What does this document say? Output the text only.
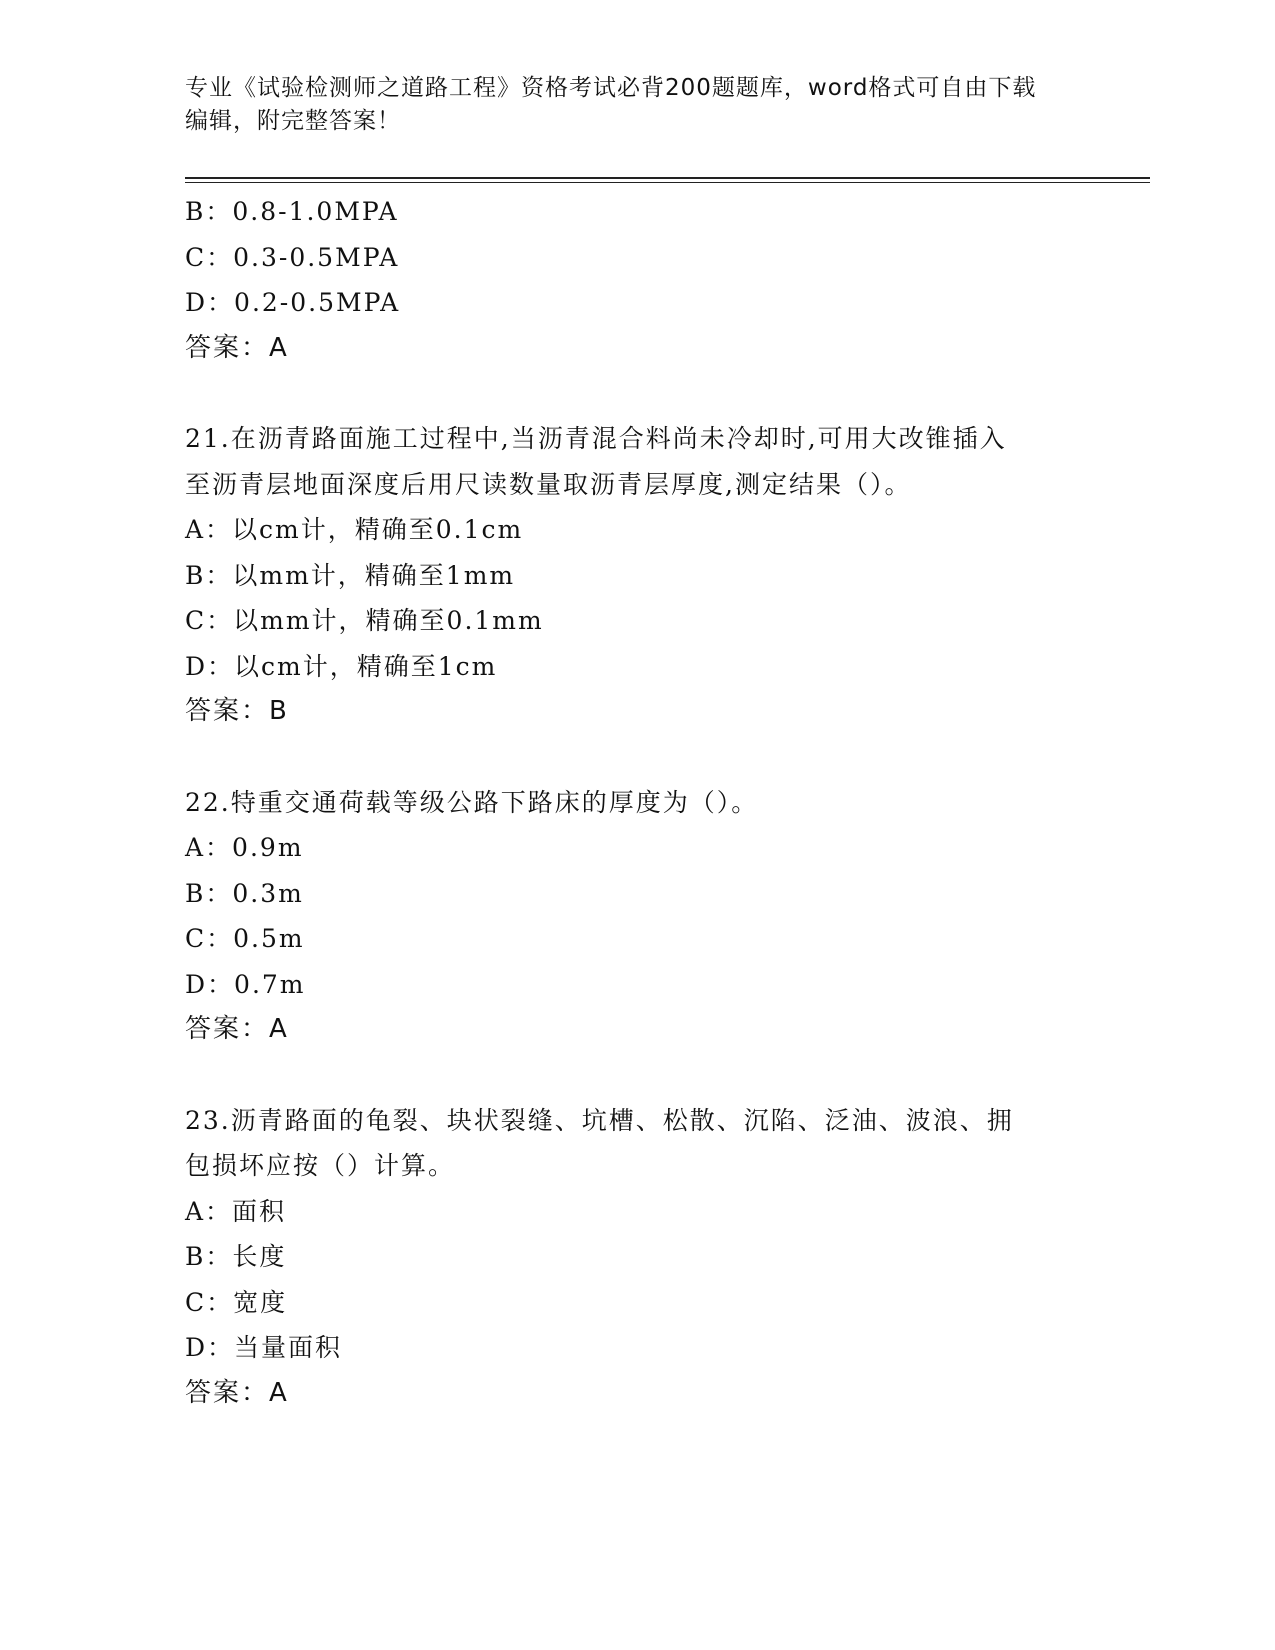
专业《试验检测师之道路工程》资格考试必背200题题库，word格式可自由下载
编辑，附完整答案！
B：0.8-1.0MPA
C：0.3-0.5MPA
D：0.2-0.5MPA
答案：A
21.在沥青路面施工过程中,当沥青混合料尚未冷却时,可用大改锥插入
至沥青层地面深度后用尺读数量取沥青层厚度,测定结果（）。
A：以cm计，精确至0.1cm
B：以mm计，精确至1mm
C：以mm计，精确至0.1mm
D：以cm计，精确至1cm
答案：B
22.特重交通荷载等级公路下路床的厚度为（）。
A：0.9m
B：0.3m
C：0.5m
D：0.7m
答案：A
23.沥青路面的龟裂、块状裂缝、坑槽、松散、沉陷、泛油、波浪、拥
包损坏应按（）计算。
A：面积
B：长度
C：宽度
D：当量面积
答案：A
